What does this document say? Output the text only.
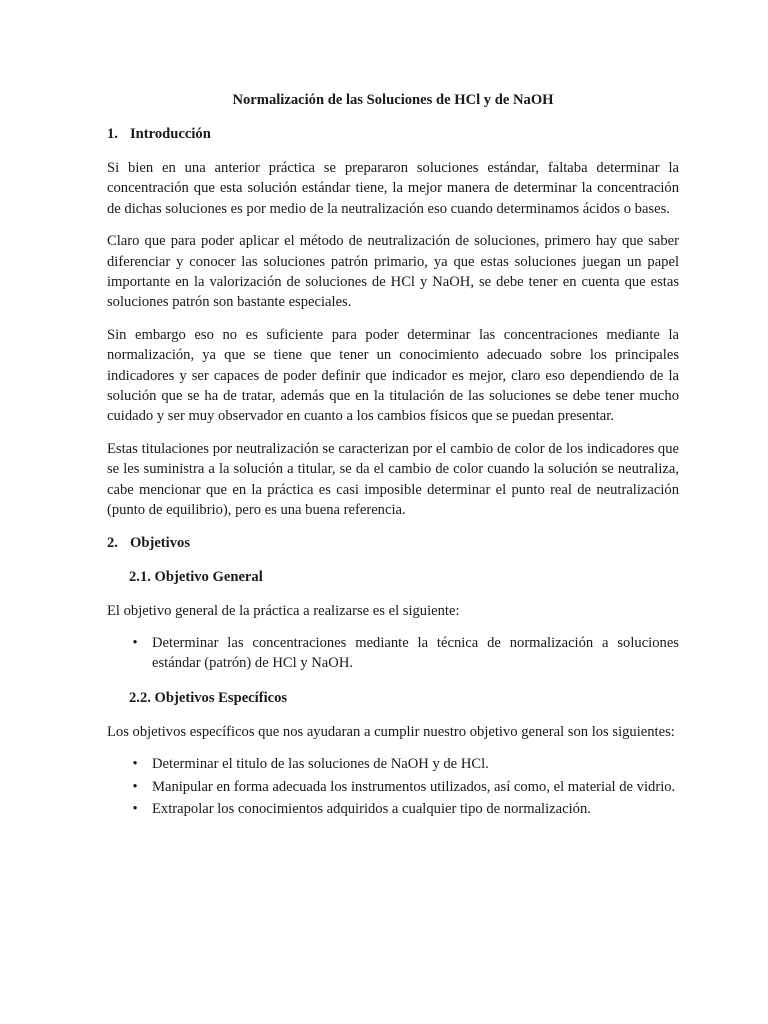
Normalización de las Soluciones de HCl y de NaOH
1. Introducción

Si bien en una anterior práctica se prepararon soluciones estándar, faltaba determinar la concentración que esta solución estándar tiene, la mejor manera de determinar la concentración de dichas soluciones es por medio de la neutralización eso cuando determinamos ácidos o bases.

Claro que para poder aplicar el método de neutralización de soluciones, primero hay que saber diferenciar y conocer las soluciones patrón primario, ya que estas soluciones juegan un papel importante en la valorización de soluciones de HCl y NaOH, se debe tener en cuenta que estas soluciones patrón son bastante especiales.

Sin embargo eso no es suficiente para poder determinar las concentraciones mediante la normalización, ya que se tiene que tener un conocimiento adecuado sobre los principales indicadores y ser capaces de poder definir que indicador es mejor, claro eso dependiendo de la solución que se ha de tratar, además que en la titulación de las soluciones se debe tener mucho cuidado y ser muy observador en cuanto a los cambios físicos que se puedan presentar.

Estas titulaciones por neutralización se caracterizan por el cambio de color de los indicadores que se les suministra a la solución a titular, se da el cambio de color cuando la solución se neutraliza, cabe mencionar que en la práctica es casi imposible determinar el punto real de neutralización (punto de equilibrio), pero es una buena referencia.

2. Objetivos
2.1. Objetivo General

El objetivo general de la práctica a realizarse es el siguiente:

• Determinar las concentraciones mediante la técnica de normalización a soluciones estándar (patrón) de HCl y NaOH.
2.2. Objetivos Específicos

Los objetivos específicos que nos ayudaran a cumplir nuestro objetivo general son los siguientes:

• Determinar el titulo de las soluciones de NaOH y de HCl.
• Manipular en forma adecuada los instrumentos utilizados, así como, el material de vidrio.
• Extrapolar los conocimientos adquiridos a cualquier tipo de normalización.
